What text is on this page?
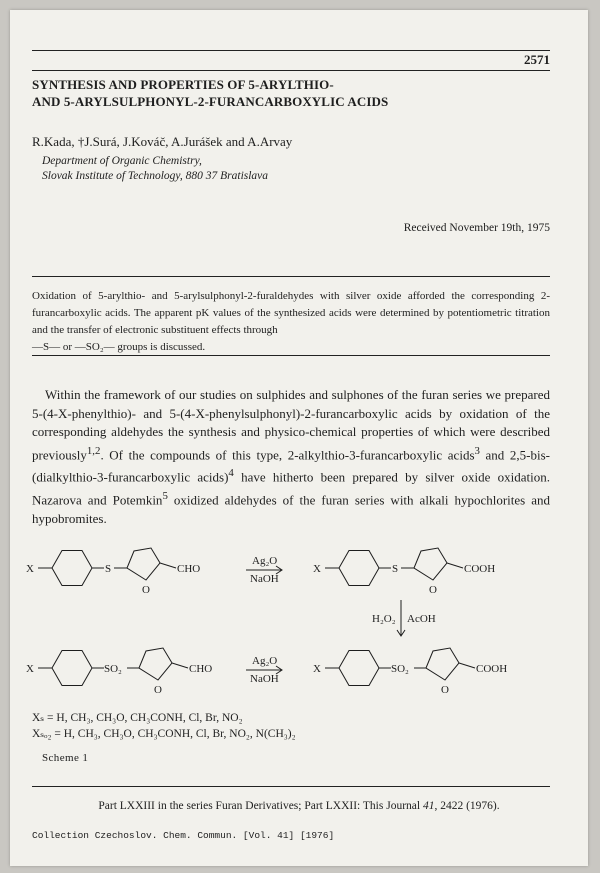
2571
SYNTHESIS AND PROPERTIES OF 5-ARYLTHIO-
AND 5-ARYLSULPHONYL-2-FURANCARBOXYLIC ACIDS
R.Kada, †J.Surá, J.Kováč, A.Jurášek and A.Arvay
Department of Organic Chemistry,
Slovak Institute of Technology, 880 37 Bratislava
Received November 19th, 1975
Oxidation of 5-arylthio- and 5-arylsulphonyl-2-furaldehydes with silver oxide afforded the corresponding 2-furancarboxylic acids. The apparent pK values of the synthesized acids were determined by potentiometric titration and the transfer of electronic substituent effects through
—S— or —SO₂— groups is discussed.
Within the framework of our studies on sulphides and sulphones of the furan series we prepared 5-(4-X-phenylthio)- and 5-(4-X-phenylsulphonyl)-2-furancarboxylic acids by oxidation of the corresponding aldehydes the synthesis and physico-chemical properties of which were described previously$^{1,2}$. Of the compounds of this type, 2-alkylthio-3-furancarboxylic acids$^3$ and 2,5-bis-(dialkylthio-3-furancarboxylic acids)$^4$ have hitherto been prepared by silver oxide oxidation. Nazarova and Potemkin$^5$ oxidized aldehydes of the furan series with alkali hypochlorites and hypobromites.
X	S
O
CHO
Ag₂O
NaOH
X	S
O
COOH
H₂O₂ AcOH
X	SO₂
O
CHO
Ag₂O
NaOH
X	SO₂
O
COOH
Xₛ = H, CH₃, CH₃O, CH₃CONH, Cl, Br, NO₂
Xₛₒ₂ = H, CH₃, CH₃O, CH₃CONH, Cl, Br, NO₂, N(CH₃)₂
Scheme 1
Part LXXIII in the series Furan Derivatives; Part LXXII: This Journal 41, 2422 (1976).
Collection Czechoslov. Chem. Commun. [Vol. 41] [1976]
